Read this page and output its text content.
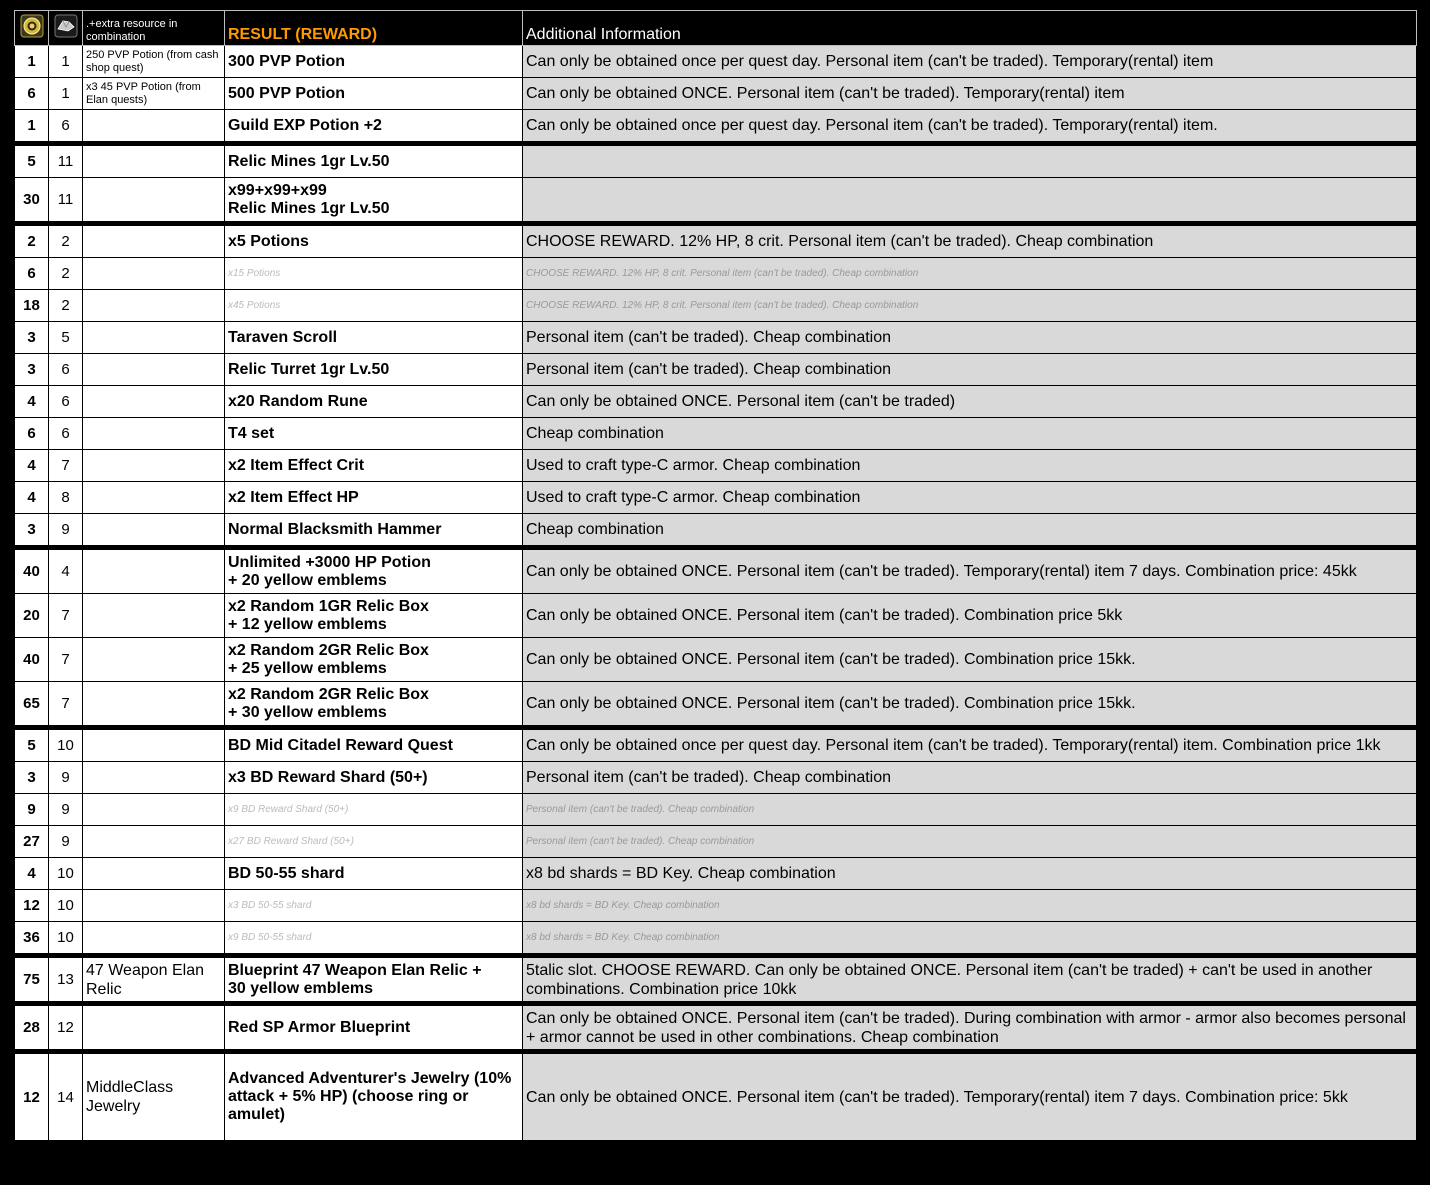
		.+extra resource in combination	RESULT (REWARD)	Additional Information
1	1	250 PVP Potion (from cash shop quest)	300 PVP Potion	Can only be obtained once per quest day. Personal item (can't be traded). Temporary(rental) item
6	1	x3 45 PVP Potion (from Elan quests)	500 PVP Potion	Can only be obtained ONCE. Personal item (can't be traded). Temporary(rental) item
1	6		Guild EXP Potion +2	Can only be obtained once per quest day. Personal item (can't be traded). Temporary(rental) item.

5	11		Relic Mines 1gr Lv.50	
30	11		x99+x99+x99
Relic Mines 1gr Lv.50	

2	2		x5 Potions	CHOOSE REWARD. 12% HP, 8 crit. Personal item (can't be traded). Cheap combination
6	2		x15 Potions	CHOOSE REWARD. 12% HP, 8 crit. Personal item (can't be traded). Cheap combination
18	2		x45 Potions	CHOOSE REWARD. 12% HP, 8 crit. Personal item (can't be traded). Cheap combination
3	5		Taraven Scroll	Personal item (can't be traded). Cheap combination
3	6		Relic Turret 1gr Lv.50	Personal item (can't be traded). Cheap combination
4	6		x20 Random Rune	Can only be obtained ONCE. Personal item (can't be traded)
6	6		T4 set	Cheap combination
4	7		x2 Item Effect Crit	Used to craft type-C armor. Cheap combination
4	8		x2 Item Effect HP	Used to craft type-C armor. Cheap combination
3	9		Normal Blacksmith Hammer	Cheap combination

40	4		Unlimited +3000 HP Potion
+ 20 yellow emblems	Can only be obtained ONCE. Personal item (can't be traded). Temporary(rental) item 7 days. Combination price: 45kk
20	7		x2 Random 1GR Relic Box
+ 12 yellow emblems	Can only be obtained ONCE. Personal item (can't be traded). Combination price 5kk
40	7		x2 Random 2GR Relic Box
+ 25 yellow emblems	Can only be obtained ONCE. Personal item (can't be traded). Combination price 15kk.
65	7		x2 Random 2GR Relic Box
+ 30 yellow emblems	Can only be obtained ONCE. Personal item (can't be traded). Combination price 15kk.

5	10		BD Mid Citadel Reward Quest	Can only be obtained once per quest day. Personal item (can't be traded). Temporary(rental) item. Combination price 1kk
3	9		x3 BD Reward Shard (50+)	Personal item (can't be traded). Cheap combination
9	9		x9 BD Reward Shard (50+)	Personal item (can't be traded). Cheap combination
27	9		x27 BD Reward Shard (50+)	Personal item (can't be traded). Cheap combination
4	10		BD 50-55 shard	x8 bd shards = BD Key. Cheap combination
12	10		x3 BD 50-55 shard	x8 bd shards = BD Key. Cheap combination
36	10		x9 BD 50-55 shard	x8 bd shards = BD Key. Cheap combination

75	13	47 Weapon Elan Relic	Blueprint 47 Weapon Elan Relic +
30 yellow emblems	5talic slot. CHOOSE REWARD. Can only be obtained ONCE. Personal item (can't be traded) + can't be used in another combinations. Combination price 10kk

28	12		Red SP Armor Blueprint	Can only be obtained ONCE. Personal item (can't be traded). During combination with armor - armor also becomes personal + armor cannot be used in other combinations. Cheap combination

12	14	MiddleClass Jewelry	Advanced Adventurer's Jewelry (10% attack + 5% HP) (choose ring or amulet)	Can only be obtained ONCE. Personal item (can't be traded). Temporary(rental) item 7 days. Combination price: 5kk
